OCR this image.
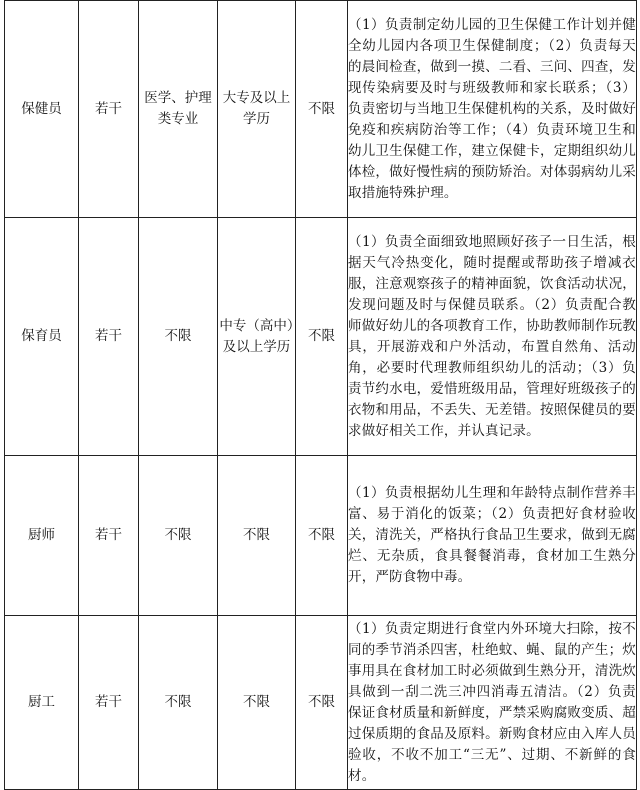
保健员	若干	医学、护理类专业	大专及以上学历	不限	（1）负责制定幼儿园的卫生保健工作计划并健全幼儿园内各项卫生保健制度；（2）负责每天的晨间检查，做到一摸、二看、三问、四查，发现传染病要及时与班级教师和家长联系；（3）负责密切与当地卫生保健机构的关系，及时做好免疫和疾病防治等工作；（4）负责环境卫生和幼儿卫生保健工作，建立保健卡，定期组织幼儿体检，做好慢性病的预防矫治。对体弱病幼儿采取措施特殊护理。
保育员	若干	不限	中专（高中）及以上学历	不限	（1）负责全面细致地照顾好孩子一日生活，根据天气冷热变化，随时提醒或帮助孩子增减衣服，注意观察孩子的精神面貌，饮食活动状况，发现问题及时与保健员联系。（2）负责配合教师做好幼儿的各项教育工作，协助教师制作玩教具，开展游戏和户外活动，布置自然角、活动角，必要时代理教师组织幼儿的活动；（3）负责节约水电，爱惜班级用品，管理好班级孩子的衣物和用品，不丢失、无差错。按照保健员的要求做好相关工作，并认真记录。
厨师	若干	不限	不限	不限	（1）负责根据幼儿生理和年龄特点制作营养丰富、易于消化的饭菜；（2）负责把好食材验收关，清洗关，严格执行食品卫生要求，做到无腐烂、无杂质，食具餐餐消毒，食材加工生熟分开，严防食物中毒。
厨工	若干	不限	不限	不限	（1）负责定期进行食堂内外环境大扫除，按不同的季节消杀四害，杜绝蚊、蝇、鼠的产生；炊事用具在食材加工时必须做到生熟分开，清洗炊具做到一刮二洗三冲四消毒五清洁。（2）负责保证食材质量和新鲜度，严禁采购腐败变质、超过保质期的食品及原料。新购食材应由入库人员验收，不收不加工“三无”、过期、不新鲜的食材。
